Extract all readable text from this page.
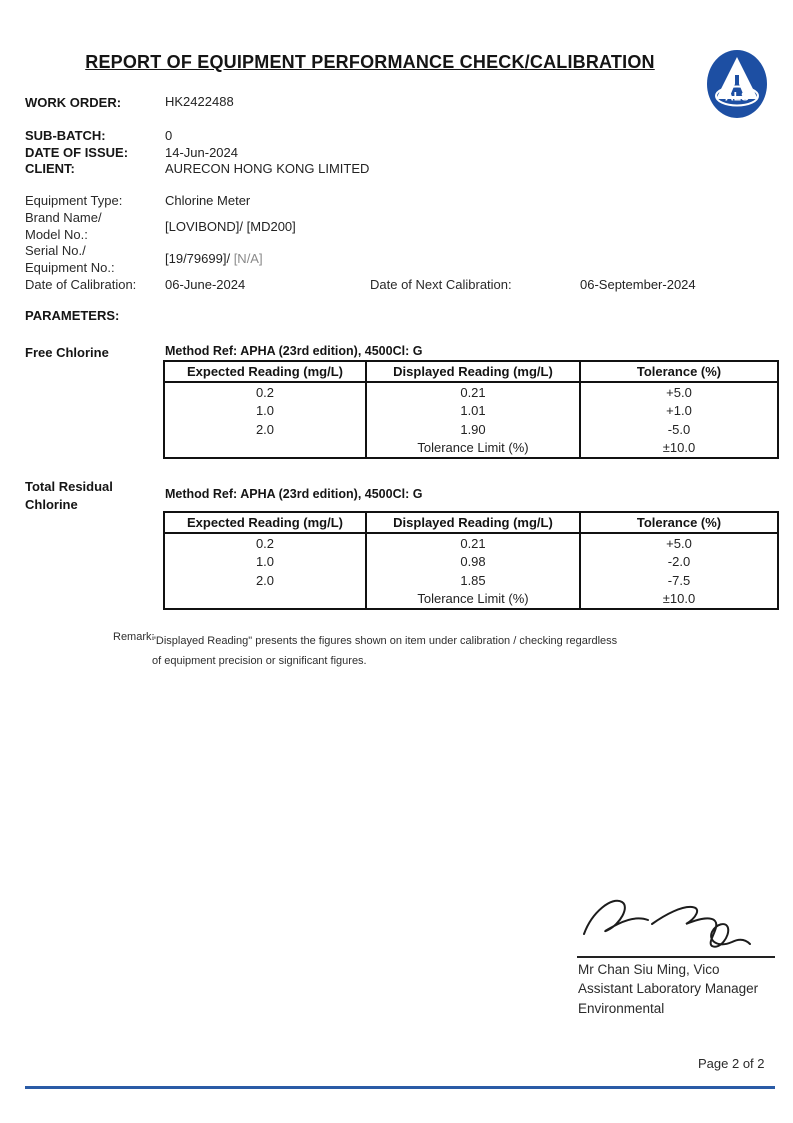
REPORT OF EQUIPMENT PERFORMANCE CHECK/CALIBRATION
ALS
WORK ORDER:	HK2422488
SUB-BATCH:	0
DATE OF ISSUE:	14-Jun-2024
CLIENT:	AURECON HONG KONG LIMITED
Equipment Type:	Chlorine Meter
Brand Name/
Model No.:
[LOVIBOND]/ [MD200]
Serial No./
Equipment No.:
[19/79699]/ [N/A]
Date of Calibration: 06-June-2024	Date of Next Calibration:	06-September-2024
PARAMETERS:
Free Chlorine	Method Ref: APHA (23rd edition), 4500Cl: G
Expected Reading (mg/L)	Displayed Reading (mg/L)	Tolerance (%)
0.2	0.21	+5.0
1.0	1.01	+1.0
2.0	1.90	-5.0
	Tolerance Limit (%)	±10.0
Total Residual
Chlorine
Method Ref: APHA (23rd edition), 4500Cl: G
Expected Reading (mg/L)	Displayed Reading (mg/L)	Tolerance (%)
0.2	0.21	+5.0
1.0	0.98	-2.0
2.0	1.85	-7.5
	Tolerance Limit (%)	±10.0
Remark:
"Displayed Reading" presents the figures shown on item under calibration / checking regardless
of equipment precision or significant figures.
Mr Chan Siu Ming, Vico
Assistant Laboratory Manager
Environmental
Page 2 of 2
